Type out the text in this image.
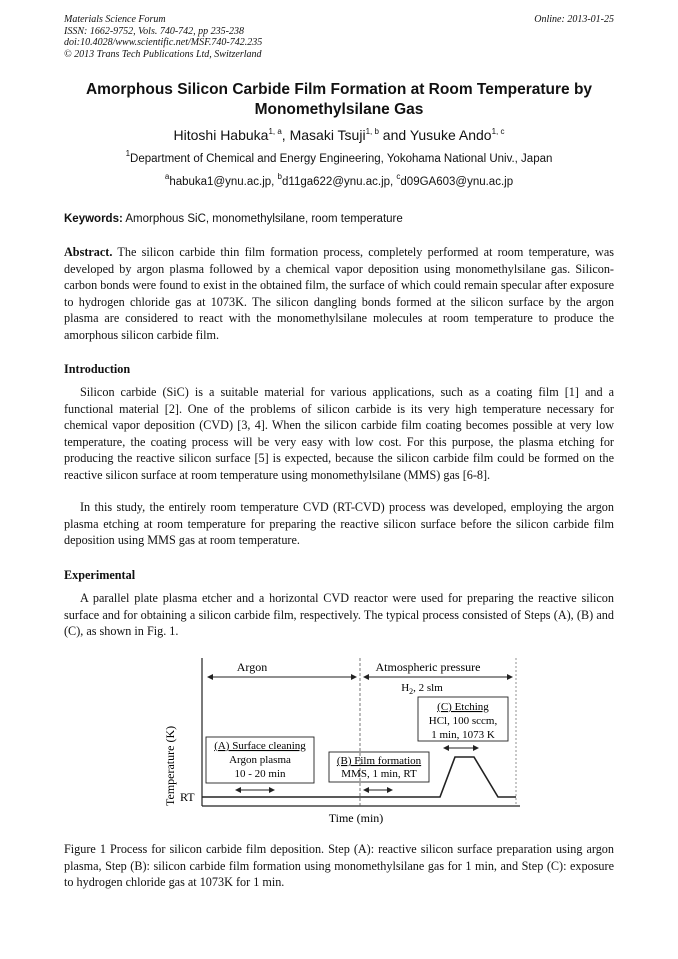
Materials Science Forum
ISSN: 1662-9752, Vols. 740-742, pp 235-238
doi:10.4028/www.scientific.net/MSF.740-742.235
© 2013 Trans Tech Publications Ltd, Switzerland
Online: 2013-01-25
Amorphous Silicon Carbide Film Formation at Room Temperature by Monomethylsilane Gas
Hitoshi Habuka$^{1, a}$, Masaki Tsuji$^{1, b}$ and Yusuke Ando$^{1, c}$
$^1$Department of Chemical and Energy Engineering, Yokohama National Univ., Japan
$^a$habuka1@ynu.ac.jp, $^b$d11ga622@ynu.ac.jp, $^c$d09GA603@ynu.ac.jp
Keywords: Amorphous SiC, monomethylsilane, room temperature

Abstract. The silicon carbide thin film formation process, completely performed at room temperature, was developed by argon plasma followed by a chemical vapor deposition using monomethylsilane gas. Silicon-carbon bonds were found to exist in the obtained film, the surface of which could remain specular after exposure to hydrogen chloride gas at 1073K. The silicon dangling bonds formed at the silicon surface by the argon plasma are considered to react with the monomethylsilane molecules at room temperature to produce the amorphous silicon carbide film.

Introduction

Silicon carbide (SiC) is a suitable material for various applications, such as a coating film [1] and a functional material [2]. One of the problems of silicon carbide is its very high temperature necessary for chemical vapor deposition (CVD) [3, 4]. When the silicon carbide film coating becomes possible at very low temperature, the coating process will be very easy with low cost. For this purpose, the plasma etching for producing the reactive silicon surface [5] is expected, because the silicon carbide film could be formed on the reactive silicon surface at room temperature using monomethylsilane (MMS) gas [6-8].

In this study, the entirely room temperature CVD (RT-CVD) process was developed, employing the argon plasma etching at room temperature for preparing the reactive silicon surface before the silicon carbide film deposition using MMS gas at room temperature.

Experimental

A parallel plate plasma etcher and a horizontal CVD reactor were used for preparing the reactive silicon surface and for obtaining a silicon carbide film, respectively. The typical process consisted of Steps (A), (B) and (C), as shown in Fig. 1.

Argon	Atmospheric pressure
$H_2$, 2 slm
(C) Etching
HCl, 100 sccm,
1 min, 1073 K
(A) Surface cleaning
Argon plasma
10 - 20 min
(B) Film formation
MMS, 1 min, RT
RT
Temperature (K)
Time (min)

Figure 1 Process for silicon carbide film deposition. Step (A): reactive silicon surface preparation using argon plasma, Step (B): silicon carbide film formation using monomethylsilane gas for 1 min, and Step (C): exposure to hydrogen chloride gas at 1073K for 1 min.
